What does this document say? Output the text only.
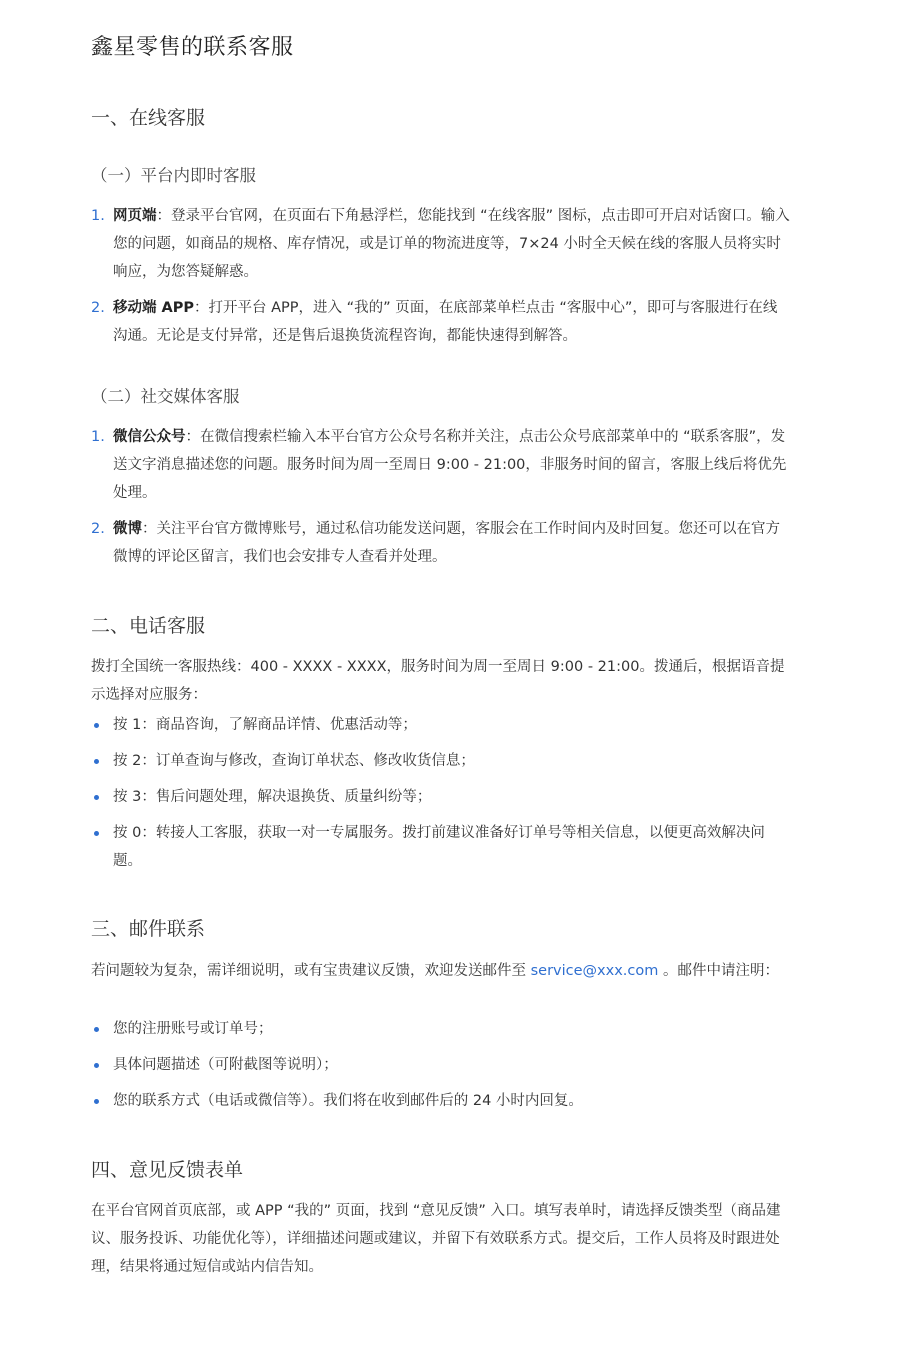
鑫星零售的联系客服
一、在线客服
（一）平台内即时客服
1. 网页端：登录平台官网，在页面右下角悬浮栏，您能找到 “在线客服” 图标，点击即可开启对话窗口。输入您的问题，如商品的规格、库存情况，或是订单的物流进度等，7×24 小时全天候在线的客服人员将实时响应，为您答疑解惑。
2. 移动端 APP：打开平台 APP，进入 “我的” 页面，在底部菜单栏点击 “客服中心”，即可与客服进行在线沟通。无论是支付异常，还是售后退换货流程咨询，都能快速得到解答。
（二）社交媒体客服
1. 微信公众号：在微信搜索栏输入本平台官方公众号名称并关注，点击公众号底部菜单中的 “联系客服”，发送文字消息描述您的问题。服务时间为周一至周日 9:00 - 21:00，非服务时间的留言，客服上线后将优先处理。
2. 微博：关注平台官方微博账号，通过私信功能发送问题，客服会在工作时间内及时回复。您还可以在官方微博的评论区留言，我们也会安排专人查看并处理。
二、电话客服

拨打全国统一客服热线：400 - XXXX - XXXX，服务时间为周一至周日 9:00 - 21:00。拨通后，根据语音提示选择对应服务：

按 1：商品咨询，了解商品详情、优惠活动等；
按 2：订单查询与修改，查询订单状态、修改收货信息；
按 3：售后问题处理，解决退换货、质量纠纷等；
按 0：转接人工客服，获取一对一专属服务。拨打前建议准备好订单号等相关信息，以便更高效解决问题。
三、邮件联系

若问题较为复杂，需详细说明，或有宝贵建议反馈，欢迎发送邮件至 service@xxx.com 。邮件中请注明：

您的注册账号或订单号；
具体问题描述（可附截图等说明）；
您的联系方式（电话或微信等）。我们将在收到邮件后的 24 小时内回复。
四、意见反馈表单

在平台官网首页底部，或 APP “我的” 页面，找到 “意见反馈” 入口。填写表单时，请选择反馈类型（商品建议、服务投诉、功能优化等），详细描述问题或建议，并留下有效联系方式。提交后，工作人员将及时跟进处理，结果将通过短信或站内信告知。
